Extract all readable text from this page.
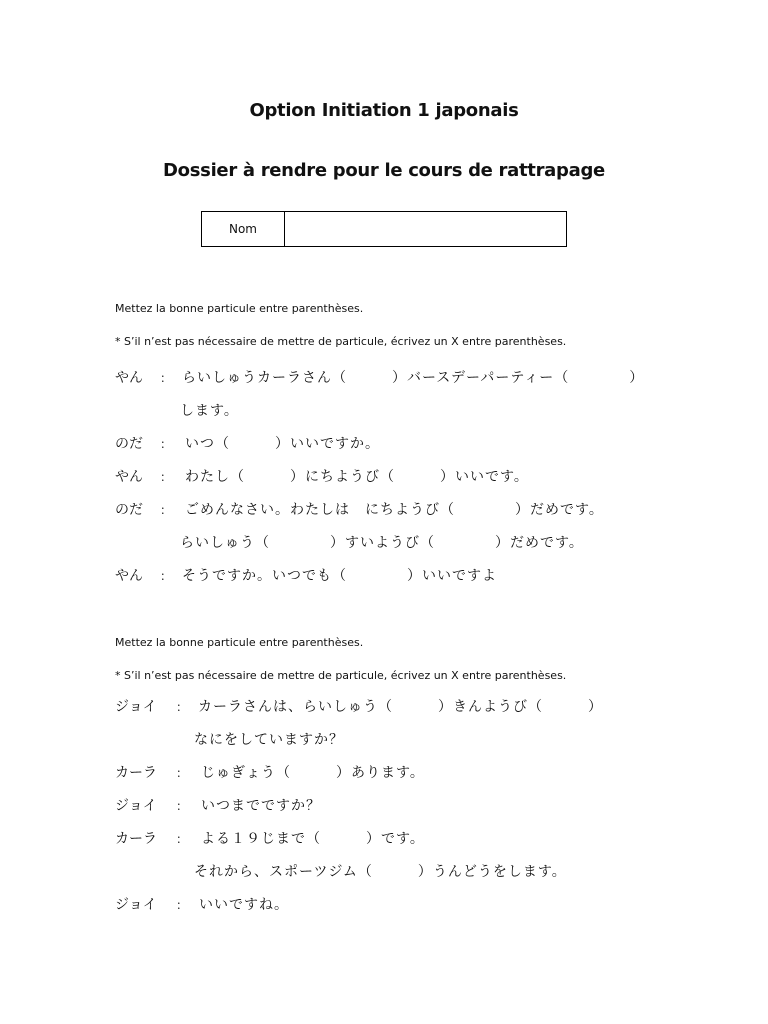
Option Initiation 1 japonais
Dossier à rendre pour le cours de rattrapage
Nom
Mettez la bonne particule entre parenthèses.
* S’il n’est pas nécessaire de mettre de particule, écrivez un X entre parenthèses.
やん ： らいしゅうカーラさん（　　　）バースデーパーティー（　　　　）
します。
のだ ： いつ（　　　）いいですか。
やん ： わたし（　　　）にちようび（　　　）いいです。
のだ ： ごめんなさい。わたしは　にちようび（　　　　）だめです。
らいしゅう（　　　　）すいようび（　　　　）だめです。
やん ： そうですか。いつでも（　　　　）いいですよ
Mettez la bonne particule entre parenthèses.
* S’il n’est pas nécessaire de mettre de particule, écrivez un X entre parenthèses.
ジョイ ： カーラさんは、らいしゅう（　　　）きんようび（　　　）
なにをしていますか？
カーラ ： じゅぎょう（　　　）あります。
ジョイ ： いつまでですか？
カーラ ： よる１９じまで（　　　）です。
それから、スポーツジム（　　　）うんどうをします。
ジョイ ： いいですね。
